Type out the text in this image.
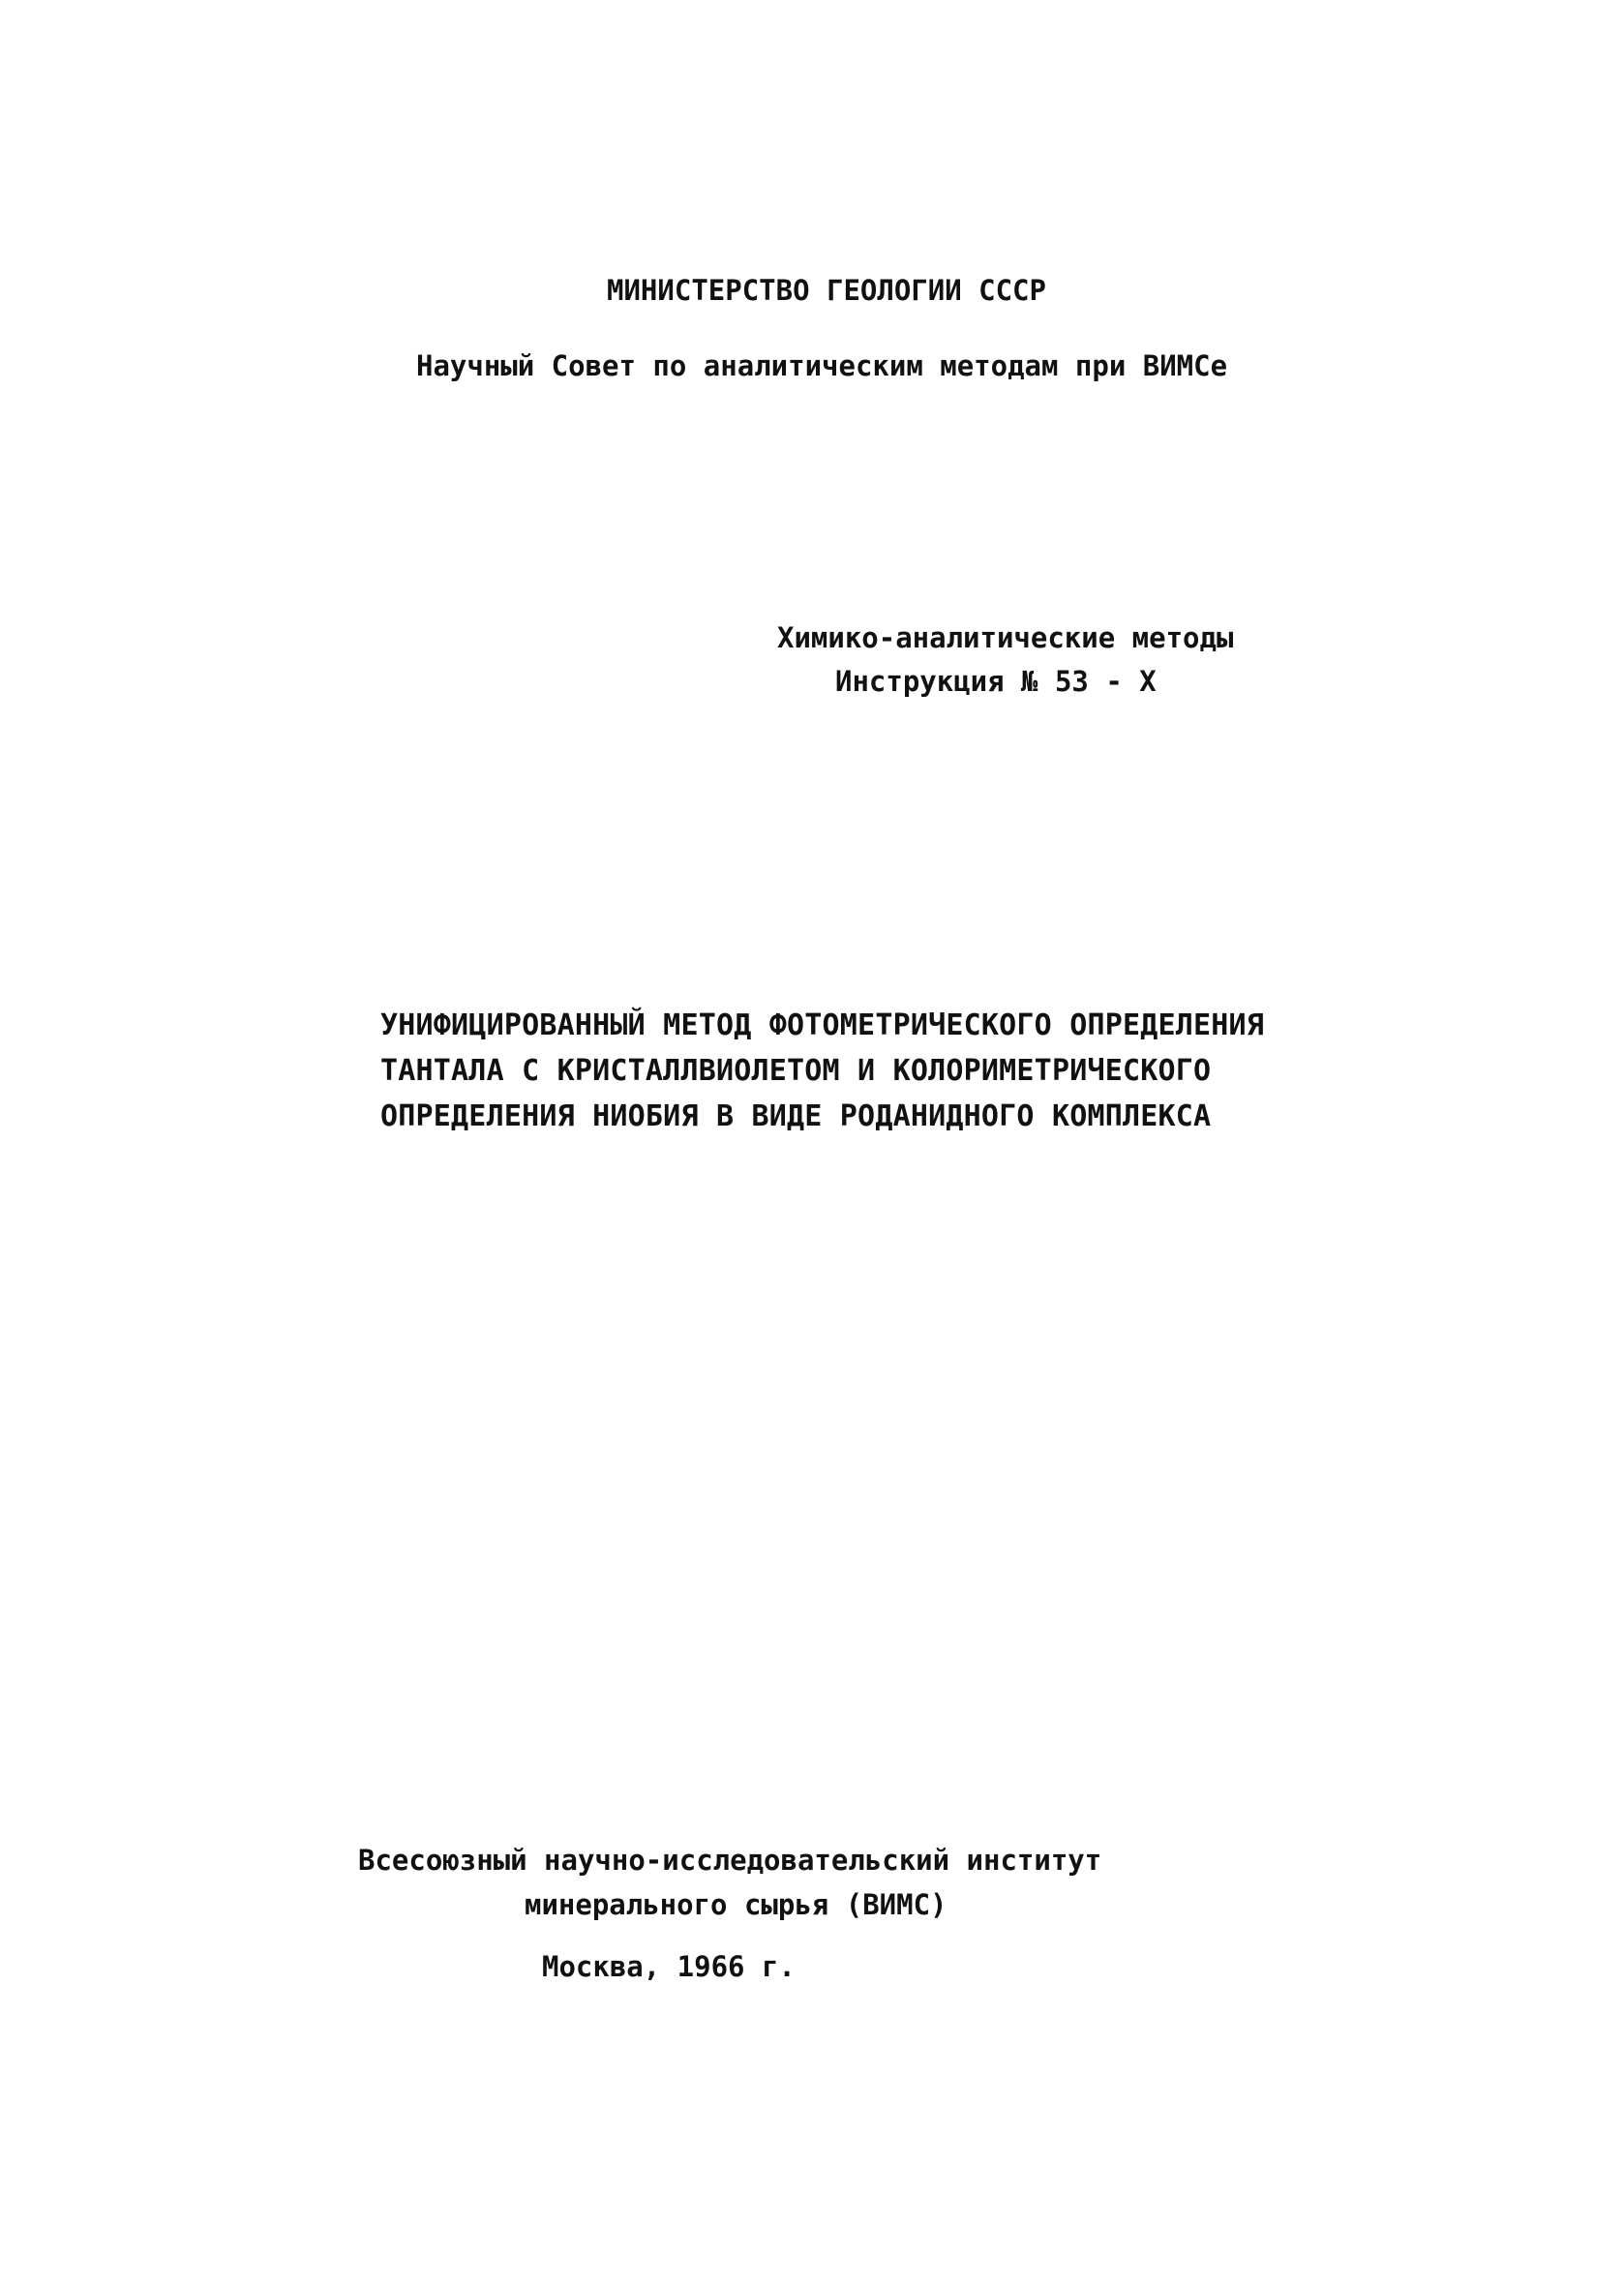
МИНИСТЕРСТВО ГЕОЛОГИИ СССР
Научный Совет по аналитическим методам при ВИМСе
Химико-аналитические методы
Инструкция № 53 - Х
УНИФИЦИРОВАННЫЙ МЕТОД ФОТОМЕТРИЧЕСКОГО ОПРЕДЕЛЕНИЯ
ТАНТАЛА С КРИСТАЛЛВИОЛЕТОМ И КОЛОРИМЕТРИЧЕСКОГО
ОПРЕДЕЛЕНИЯ НИОБИЯ В ВИДЕ РОДАНИДНОГО КОМПЛЕКСА
Всесоюзный научно-исследовательский институт
минерального сырья (ВИМС)
Москва, 1966 г.
